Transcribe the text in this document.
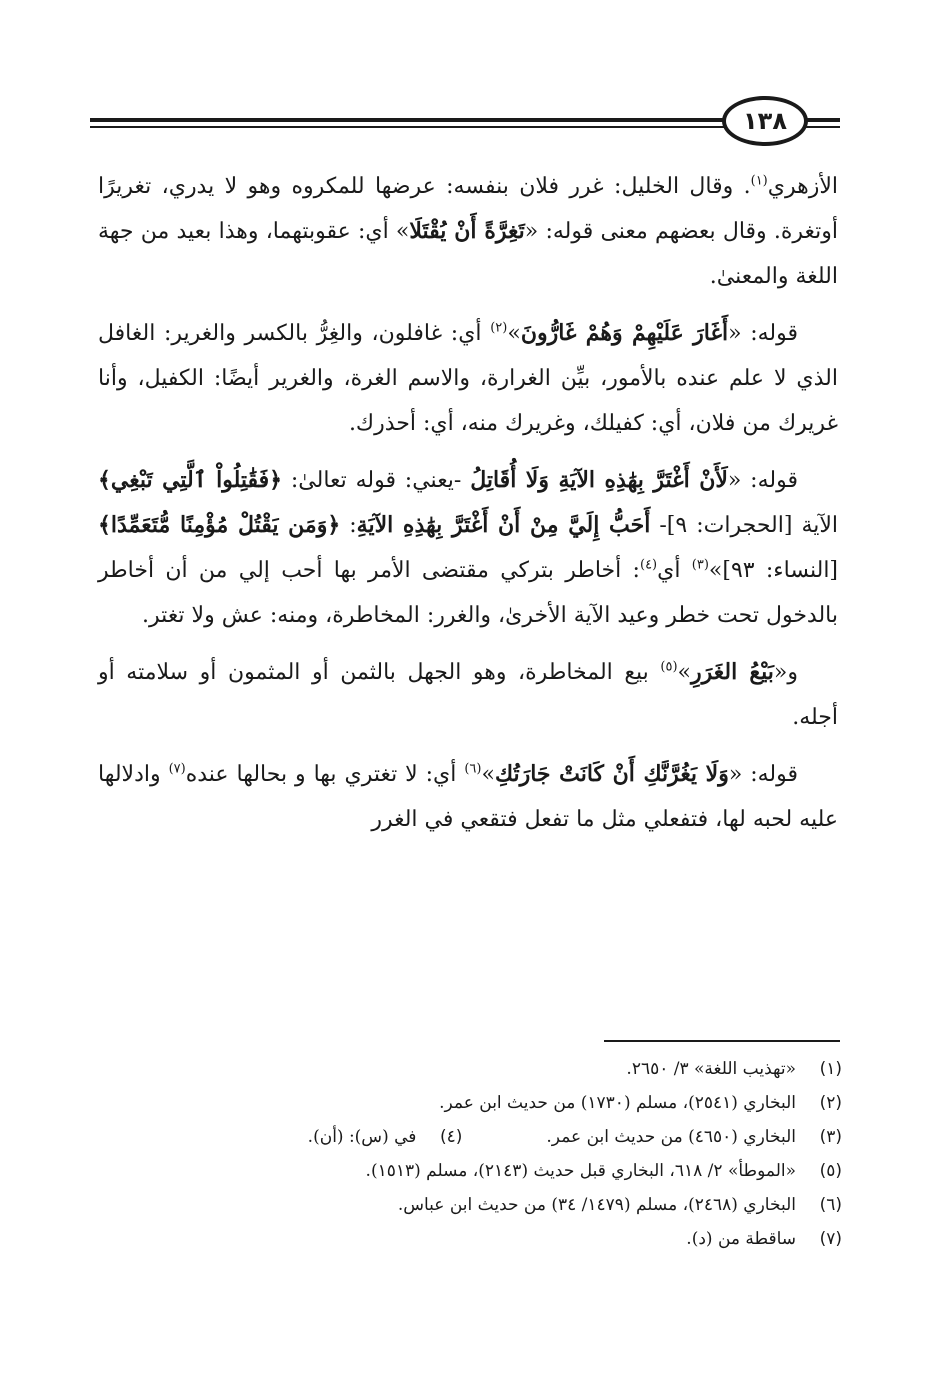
١٣٨

الأزهري$^{(١)}$. وقال الخليل: غرر فلان بنفسه: عرضها للمكروه وهو لا يدري، تغريرًا أوتغرة. وقال بعضهم معنى قوله: «تَغِرَّةً أَنْ يُقْتَلَا» أي: عقوبتهما، وهذا بعيد من جهة اللغة والمعنىٰ.

قوله: «أَغَارَ عَلَيْهِمْ وَهُمْ غَارُّونَ»$^{(٢)}$ أي: غافلون، والغِرُّ بالكسر والغرير: الغافل الذي لا علم عنده بالأمور، بيِّن الغرارة، والاسم الغرة، والغرير أيضًا: الكفيل، وأنا غريرك من فلان، أي: كفيلك، وغريرك منه، أي: أحذرك.

قوله: «لَأَنْ أَغْتَرَّ بِهَٰذِهِ الآيَةِ وَلَا أُقَاتِلُ -يعني: قوله تعالىٰ: ﴿فَقَٰتِلُواْ ٱلَّتِي تَبْغِي﴾الآية [الحجرات: ٩]- أَحَبُّ إِلَيَّ مِنْ أَنْ أَغْتَرَّ بِهَٰذِهِ الآيَةِ: ﴿وَمَن يَقْتُلْ مُؤْمِنًا مُّتَعَمِّدًا﴾ [النساء: ٩٣]»$^{(٣)}$ أي$^{(٤)}$: أخاطر بتركي مقتضى الأمر بها أحب إلي من أن أخاطر بالدخول تحت خطر وعيد الآية الأخرىٰ، والغرر: المخاطرة، ومنه: عش ولا تغتر.

و«بَيْعُ الغَرَرِ»$^{(٥)}$ بيع المخاطرة، وهو الجهل بالثمن أو المثمون أو سلامته أو أجله.

قوله: «وَلَا يَغُرَّنَّكِ أَنْ كَانَتْ جَارَتُكِ»$^{(٦)}$ أي: لا تغتري بها و بحالها عنده$^{(٧)}$ وادلالها عليه لحبه لها، فتفعلي مثل ما تفعل فتقعي في الغرر

(١)
«تهذيب اللغة» ٣/ ٢٦٥٠.
(٢)
البخاري (٢٥٤١)، مسلم (١٧٣٠) من حديث ابن عمر.
(٣)
البخاري (٤٦٥٠) من حديث ابن عمر.
(٤)
في (س): (أن).
(٥)
«الموطأ» ٢/ ٦١٨، البخاري قبل حديث (٢١٤٣)، مسلم (١٥١٣).
(٦)
البخاري (٢٤٦٨)، مسلم (١٤٧٩/ ٣٤) من حديث ابن عباس.
(٧)
ساقطة من (د).
